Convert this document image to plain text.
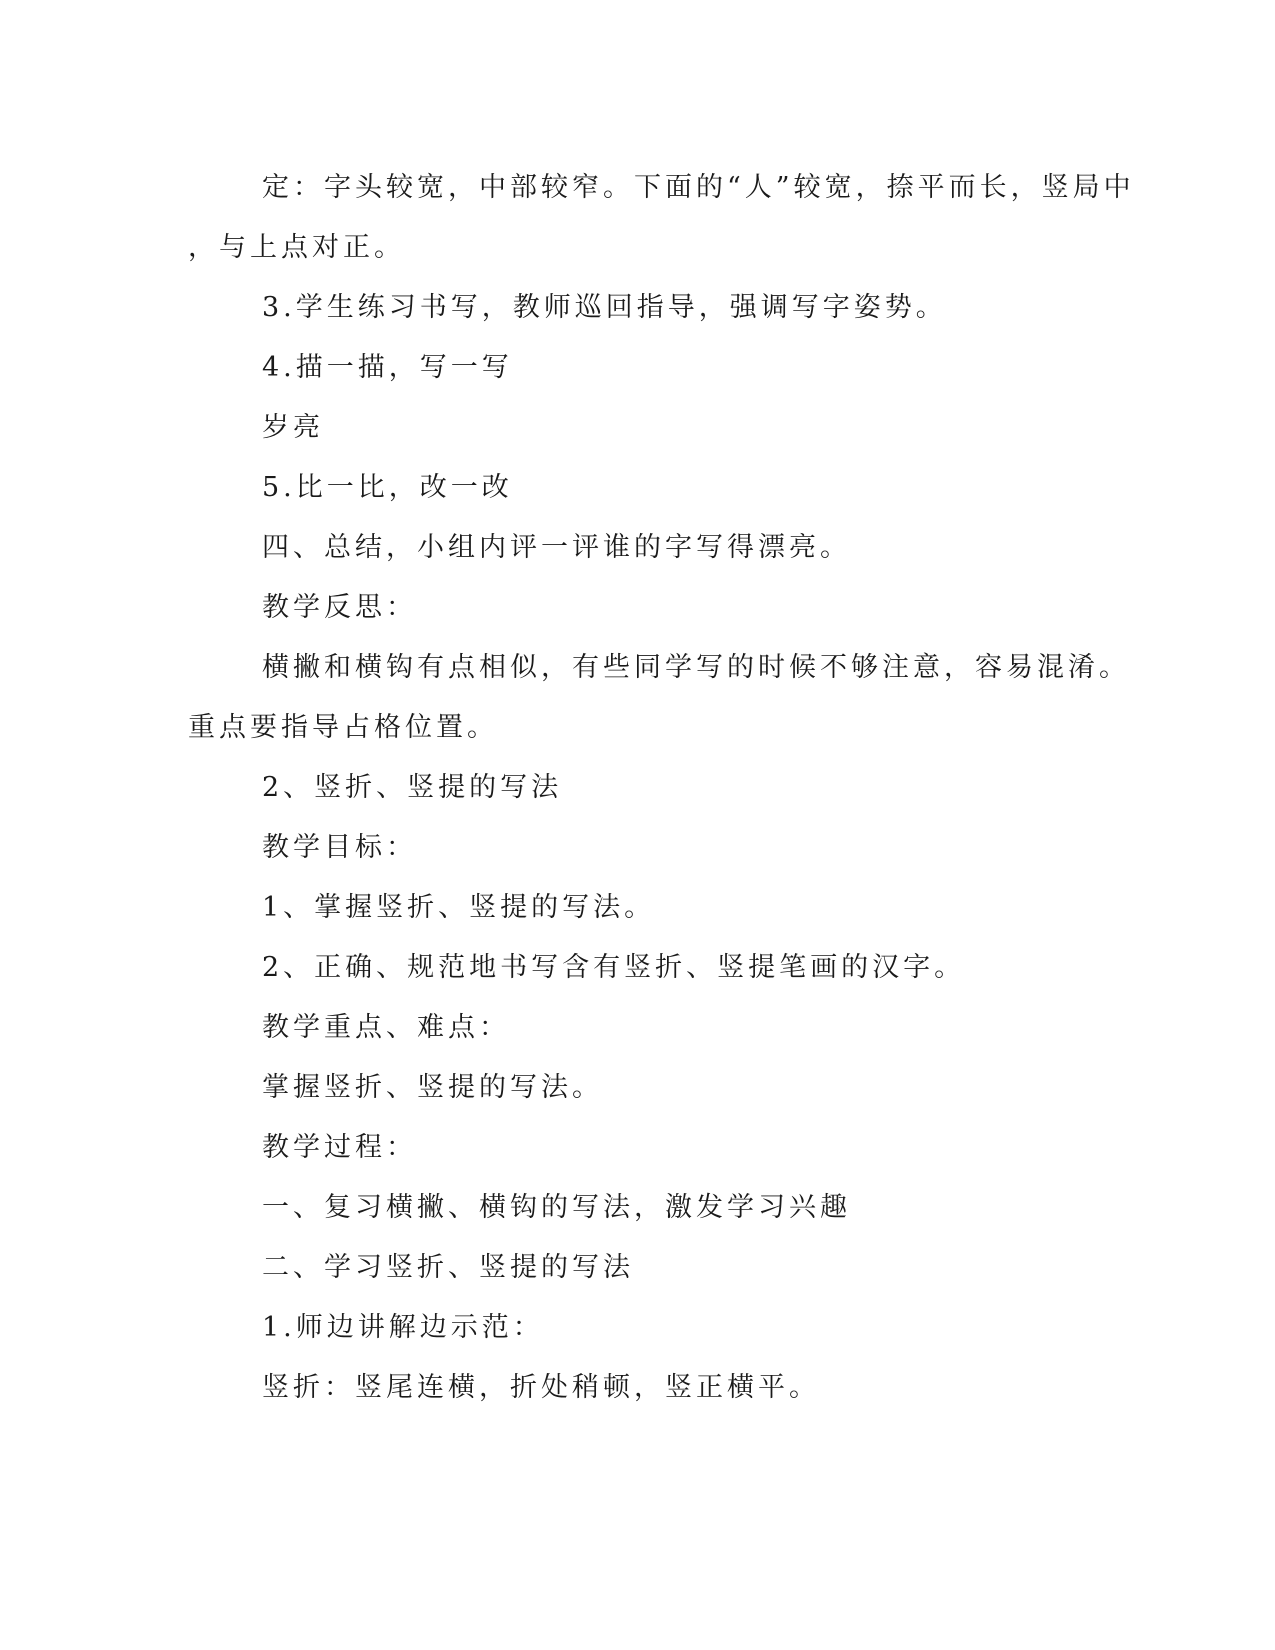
定：字头较宽，中部较窄。下面的“人”较宽，捺平而长，竖局中
，与上点对正。
3.学生练习书写，教师巡回指导，强调写字姿势。
4.描一描，写一写
岁亮
5.比一比，改一改
四、总结，小组内评一评谁的字写得漂亮。
教学反思：
横撇和横钩有点相似，有些同学写的时候不够注意，容易混淆。
重点要指导占格位置。
2、竖折、竖提的写法
教学目标：
1、掌握竖折、竖提的写法。
2、正确、规范地书写含有竖折、竖提笔画的汉字。
教学重点、难点：
掌握竖折、竖提的写法。
教学过程：
一、复习横撇、横钩的写法，激发学习兴趣
二、学习竖折、竖提的写法
1.师边讲解边示范：
竖折：竖尾连横，折处稍顿，竖正横平。
